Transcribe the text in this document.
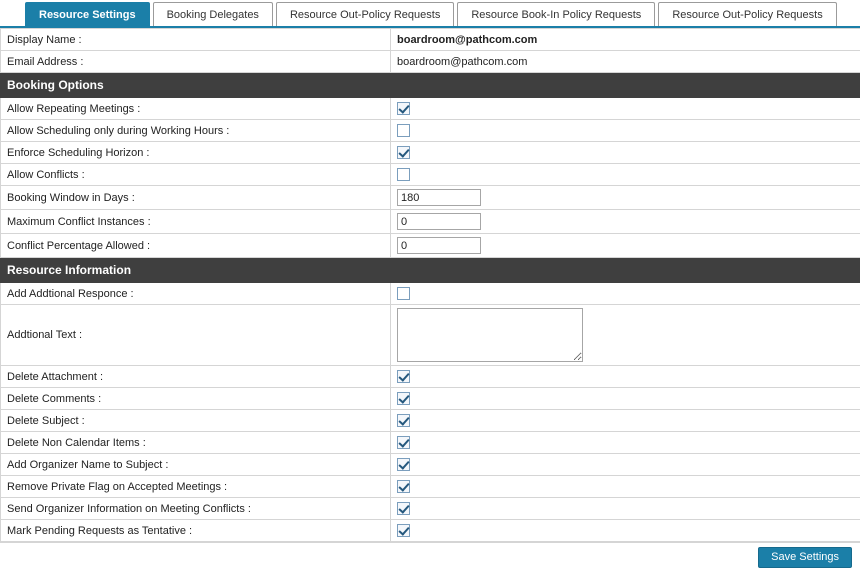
Resource Settings	Booking Delegates	Resource Out-Policy Requests	Resource Book-In Policy Requests	Resource Out-Policy Requests
Display Name :	boardroom@pathcom.com
Email Address :	boardroom@pathcom.com
Booking Options	
Allow Repeating Meetings :	
Allow Scheduling only during Working Hours :	
Enforce Scheduling Horizon :	
Allow Conflicts :	
Booking Window in Days :	180
Maximum Conflict Instances :	0
Conflict Percentage Allowed :	0
Resource Information	
Add Addtional Responce :	
Addtional Text :	

Delete Attachment :	
Delete Comments :	
Delete Subject :	
Delete Non Calendar Items :	
Add Organizer Name to Subject :	
Remove Private Flag on Accepted Meetings :	
Send Organizer Information on Meeting Conflicts :	
Mark Pending Requests as Tentative :	
Save Settings
